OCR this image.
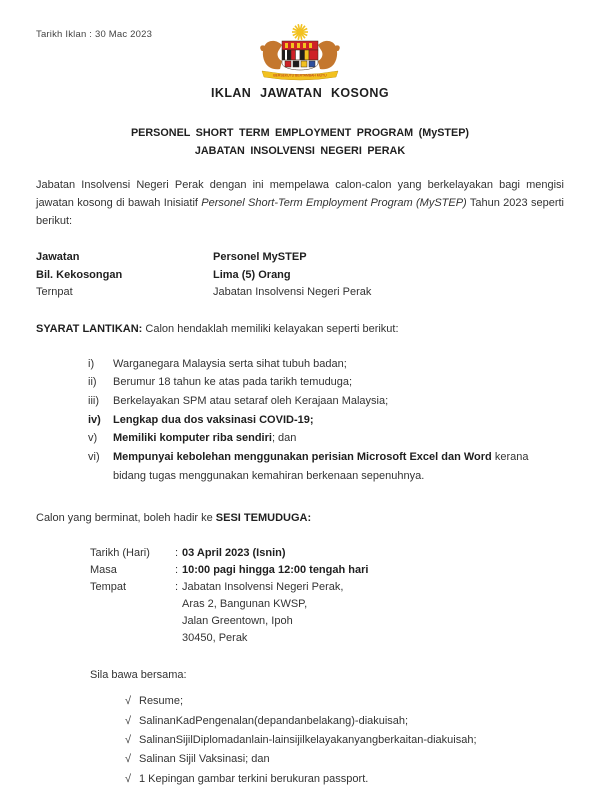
Tarikh Iklan : 30 Mac 2023
BERSEKUTU BERTAMBAH MUTU
IKLAN JAWATAN KOSONG
PERSONEL SHORT TERM EMPLOYMENT PROGRAM (MySTEP)
JABATAN INSOLVENSI NEGERI PERAK

Jabatan Insolvensi Negeri Perak dengan ini mempelawa calon-calon yang berkelayakan bagi mengisi jawatan kosong di bawah Inisiatif Personel Short-Term Employment Program (MySTEP) Tahun 2023 seperti berikut:

Jawatan	Personel MySTEP
Bil. Kekosongan	Lima (5) Orang
Ternpat	Jabatan Insolvensi Negeri Perak

SYARAT LANTIKAN: Calon hendaklah memiliki kelayakan seperti berikut:

i)	Warganegara Malaysia serta sihat tubuh badan;
ii)	Berumur 18 tahun ke atas pada tarikh temuduga;
iii)	Berkelayakan SPM atau setaraf oleh Kerajaan Malaysia;
iv)	Lengkap dua dos vaksinasi COVID-19;
v)	Memiliki komputer riba sendiri; dan
vi)	Mempunyai kebolehan menggunakan perisian Microsoft Excel dan Word kerana bidang tugas menggunakan kemahiran berkenaan sepenuhnya.

Calon yang berminat, boleh hadir ke SESI TEMUDUGA:

Tarikh (Hari)	: 03 April 2023 (Isnin)
Masa	: 10:00 pagi hingga 12:00 tengah hari
Tempat	: Jabatan Insolvensi Negeri Perak,
Aras 2, Bangunan KWSP,
Jalan Greentown, Ipoh
30450, Perak
Sila bawa bersama:
√ Resume;
√ SalinanKadPengenalan(depandanbelakang)-diakuisah;
√ SalinanSijilDiplomadanlain-lainsijilkelayakanyangberkaitan-diakuisah;
√ Salinan Sijil Vaksinasi; dan
√ 1 Kepingan gambar terkini berukuran passport.
